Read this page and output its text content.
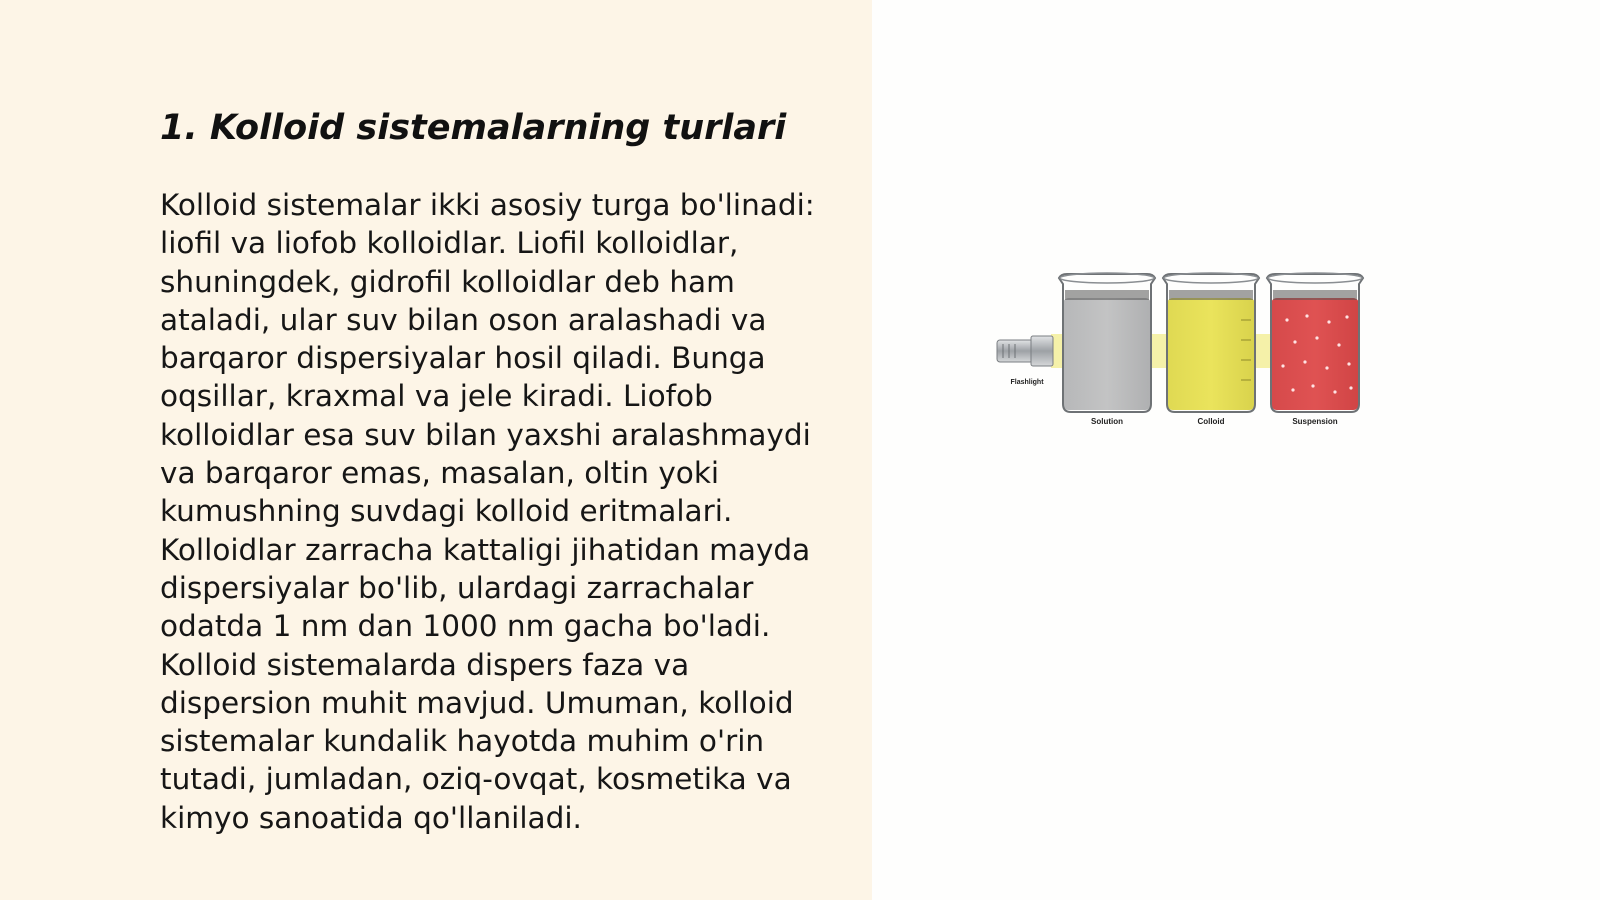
1. Kolloid sistemalarning turlari

Kolloid sistemalar ikki asosiy turga bo'linadi:
liofil va liofob kolloidlar. Liofil kolloidlar,
shuningdek, gidrofil kolloidlar deb ham
ataladi, ular suv bilan oson aralashadi va
barqaror dispersiyalar hosil qiladi. Bunga
oqsillar, kraxmal va jele kiradi. Liofob
kolloidlar esa suv bilan yaxshi aralashmaydi
va barqaror emas, masalan, oltin yoki
kumushning suvdagi kolloid eritmalari.
Kolloidlar zarracha kattaligi jihatidan mayda
dispersiyalar bo'lib, ulardagi zarrachalar
odatda 1 nm dan 1000 nm gacha bo'ladi.
Kolloid sistemalarda dispers faza va
dispersion muhit mavjud. Umuman, kolloid
sistemalar kundalik hayotda muhim o'rin
tutadi, jumladan, oziq-ovqat, kosmetika va
kimyo sanoatida qo'llaniladi.

Flashlight
Solution	Colloid	Suspension
